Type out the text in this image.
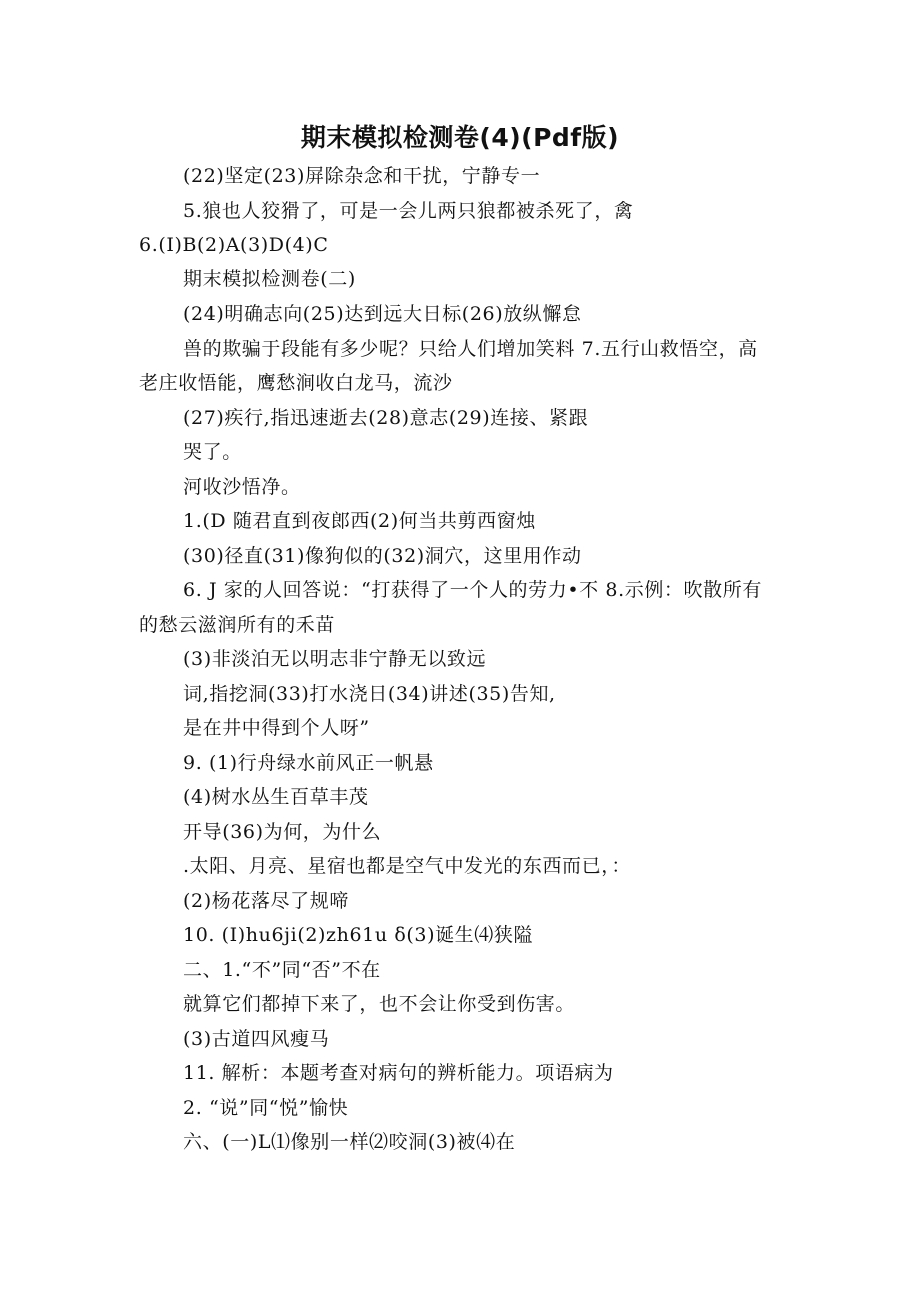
期末模拟检测卷(4)(Pdf版)
(22)坚定(23)屏除杂念和干扰，宁静专一
5.狼也人狡猾了，可是一会儿两只狼都被杀死了，禽
6.(I)B(2)A(3)D(4)C
期末模拟检测卷(二)
(24)明确志向(25)达到远大日标(26)放纵懈怠
兽的欺骗于段能有多少呢？只给人们增加笑料 7.五行山救悟空，高
老庄收悟能，鹰愁涧收白龙马，流沙
(27)疾行,指迅速逝去(28)意志(29)连接、紧跟
哭了。
河收沙悟净。
1.(D 随君直到夜郎西(2)何当共剪西窗烛
(30)径直(31)像狗似的(32)洞穴，这里用作动
6. J 家的人回答说：“打获得了一个人的劳力•不 8.示例：吹散所有
的愁云滋润所有的禾苗
(3)非淡泊无以明志非宁静无以致远
词,指挖洞(33)打水浇日(34)讲述(35)告知,
是在井中得到个人呀”
9. (1)行舟绿水前风正一帆悬
(4)树水丛生百草丰茂
开导(36)为何，为什么
.太阳、月亮、星宿也都是空气中发光的东西而已，：
(2)杨花落尽了规啼
10. (I)hu6ji(2)zh61u δ(3)诞生⑷狭隘
二、1.“不”同“否”不在
就算它们都掉下来了，也不会让你受到伤害。
(3)古道四风瘦马
11. 解析：本题考查对病句的辨析能力。项语病为
2. “说”同“悦”愉快
六、(一)L⑴像别一样⑵咬洞(3)被⑷在
